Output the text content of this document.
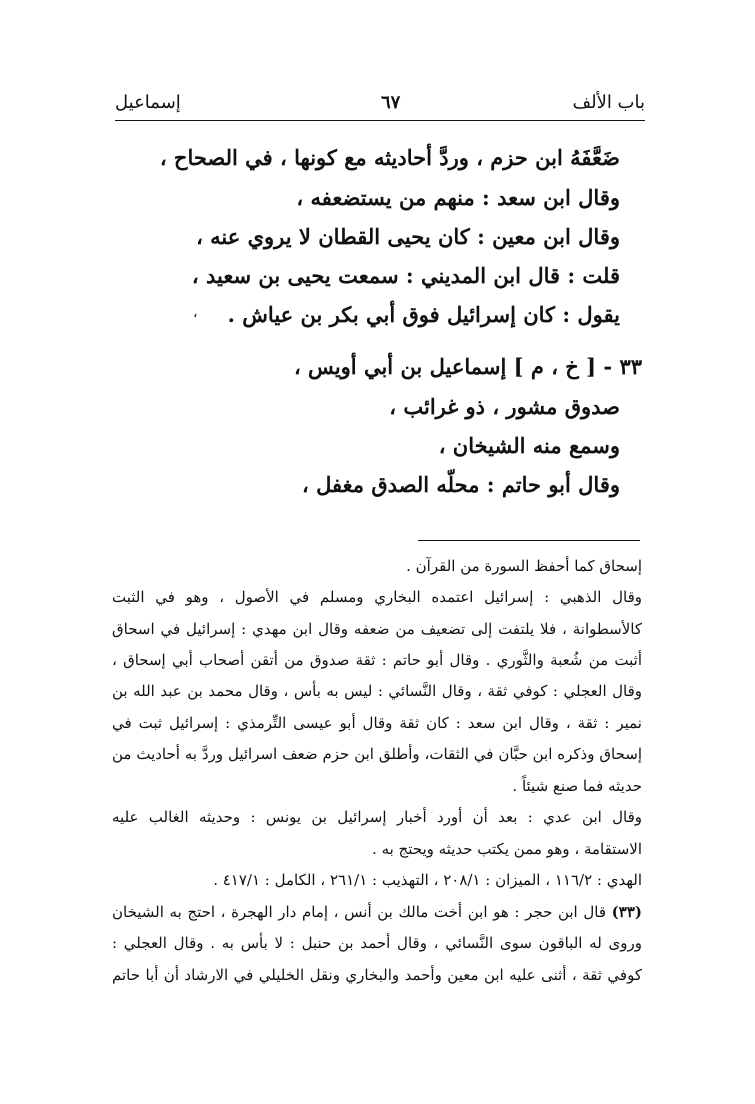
باب الألف
٦٧
إسماعيل
ضَعَّفَهُ ابن حزم ، وردَّ أحاديثه مع كونها ، في الصحاح ،
وقال ابن سعد : منهم من يستضعفه ،
وقال ابن معين : كان يحيى القطان لا يروي عنه ،
قلت : قال ابن المديني : سمعت يحيى بن سعيد ،
يقول : كان إسرائيل فوق أبي بكر بن عياش .
،
٣٣ - [ خ ، م ] إسماعيل بن أبي أويس ،
صدوق مشور ، ذو غرائب ،
وسمع منه الشيخان ،
وقال أبو حاتم : محلّه الصدق مغفل ،
إسحاق كما أحفظ السورة من القرآن .
وقال الذهبي : إسرائيل اعتمده البخاري ومسلم في الأصول ، وهو في الثبت
كالأسطوانة ، فلا يلتفت إلى تضعيف من ضعفه وقال ابن مهدي : إسرائيل في اسحاق
أثبت من شُعبة والثَّوري . وقال أبو حاتم : ثقة صدوق من أتقن أصحاب أبي إسحاق ،
وقال العجلي : كوفي ثقة ، وقال النَّسائي : ليس به بأس ، وقال محمد بن عبد الله بن
نمير : ثقة ، وقال ابن سعد : كان ثقة وقال أبو عيسى التِّرمذي : إسرائيل ثبت في
إسحاق وذكره ابن حبَّان في الثقات، وأطلق ابن حزم ضعف اسرائيل وردَّ به أحاديث من
حديثه فما صنع شيئاً .
وقال ابن عدي : بعد أن أورد أخبار إسرائيل بن يونس : وحديثه الغالب عليه
الاستقامة ، وهو ممن يكتب حديثه ويحتج به .
الهدي : ١١٦/٢ ، الميزان : ٢٠٨/١ ، التهذيب : ٢٦١/١ ، الكامل : ٤١٧/١ .
(٣٣) قال ابن حجر : هو ابن أخت مالك بن أنس ، إمام دار الهجرة ، احتج به الشيخان
وروى له الباقون سوى النَّسائي ، وقال أحمد بن حنبل : لا بأس به . وقال العجلي :
كوفي ثقة ، أثنى عليه ابن معين وأحمد والبخاري ونقل الخليلي في الارشاد أن أبا حاتم
